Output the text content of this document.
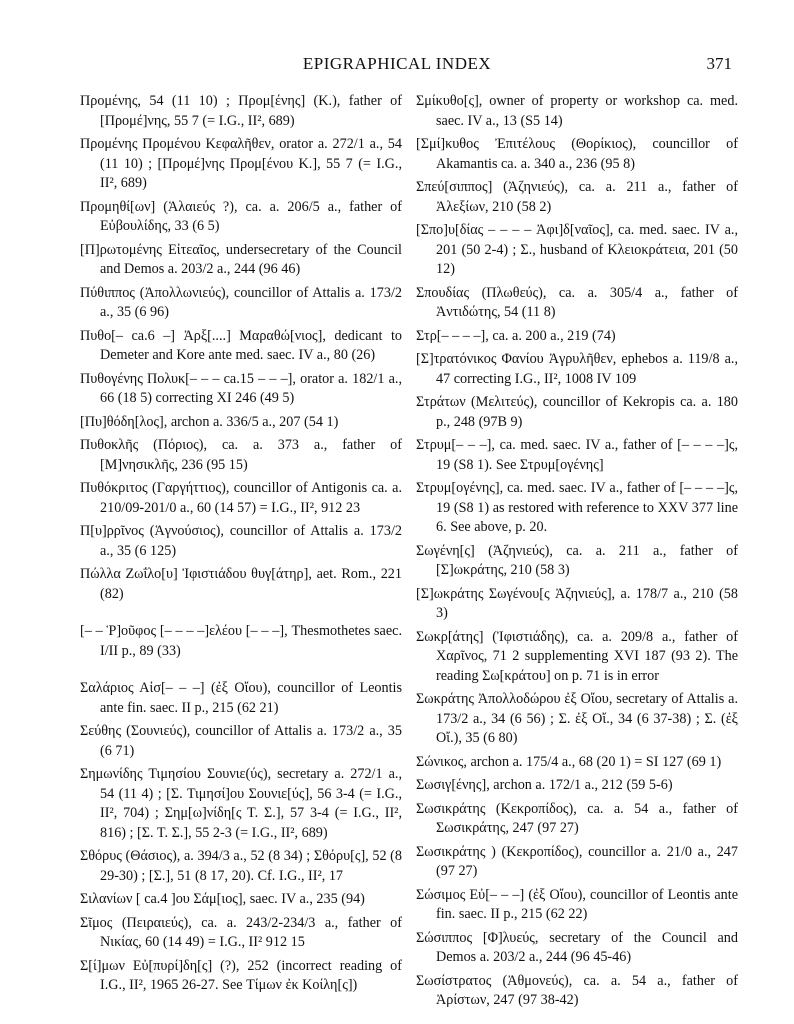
EPIGRAPHICAL INDEX	371
Προμένης, 54 (11 10) ; Προμ[ένης] (K.), father of [Προμέ]νης, 55 7 (= I.G., II², 689)
Προμένης Προμένου Κεφαλῆθεν, orator a. 272/1 a., 54 (11 10) ; [Προμέ]νης Προμ[ένου K.], 55 7 (= I.G., II², 689)
Προμηθί[ων] (Ἁλαιεύς ?), ca. a. 206/5 a., father of Εὐβουλίδης, 33 (6 5)
[Π]ρωτομένης Εἰτεαῖος, undersecretary of the Council and Demos a. 203/2 a., 244 (96 46)
Πύθιππος (Ἀπολλωνιεύς), councillor of Attalis a. 173/2 a., 35 (6 96)
Πυθο[– ca.6 –] Ἀρξ[....] Μαραθώ[νιος], dedicant to Demeter and Kore ante med. saec. IV a., 80 (26)
Πυθογένης Πολυκ[– – – ca.15 – – –], orator a. 182/1 a., 66 (18 5) correcting XI 246 (49 5)
[Πυ]θόδη[λος], archon a. 336/5 a., 207 (54 1)
Πυθοκλῆς (Πόριος), ca. a. 373 a., father of [Μ]νησικλῆς, 236 (95 15)
Πυθόκριτος (Γαργήττιος), councillor of Antigonis ca. a. 210/09-201/0 a., 60 (14 57) = I.G., II², 912 23
Π[υ]ρρῖνος (Ἁγνούσιος), councillor of Attalis a. 173/2 a., 35 (6 125)
Πώλλα Ζωΐλο[υ] Ἰφιστιάδου θυγ[άτηρ], aet. Rom., 221 (82)
[– – Ῥ]οῦφος [– – – –]ελέου [– – –], Thesmothetes saec. I/II p., 89 (33)
Σαλάριος Αἰσ[– – –] (ἐξ Οἴου), councillor of Leontis ante fin. saec. II p., 215 (62 21)
Σεύθης (Σουνιεύς), councillor of Attalis a. 173/2 a., 35 (6 71)
Σημωνίδης Τιμησίου Σουνιε(ύς), secretary a. 272/1 a., 54 (11 4) ; [Σ. Τιμησί]ου Σουνιε[ύς], 56 3-4 (= I.G., II², 704) ; Σημ[ω]νίδη[ς Τ. Σ.], 57 3-4 (= I.G., II², 816) ; [Σ. Τ. Σ.], 55 2-3 (= I.G., II², 689)
Σθόρυς (Θάσιος), a. 394/3 a., 52 (8 34) ; Σθόρυ[ς], 52 (8 29-30) ; [Σ.], 51 (8 17, 20). Cf. I.G., II², 17
Σιλανίων [ ca.4 ]ου Σάμ[ιος], saec. IV a., 235 (94)
Σῖμος (Πειραιεύς), ca. a. 243/2-234/3 a., father of Νικίας, 60 (14 49) = I.G., II² 912 15
Σ[ί]μων Εὐ[πυρί]δη[ς] (?), 252 (incorrect reading of I.G., II², 1965 26-27. See Τίμων ἐκ Κοίλη[ς])
Σμίκυθο[ς], owner of property or workshop ca. med. saec. IV a., 13 (S5 14)
[Σμί]κυθος Ἐπιτέλους (Θορίκιος), councillor of Akamantis ca. a. 340 a., 236 (95 8)
Σπεύ[σιππος] (Ἀζηνιεύς), ca. a. 211 a., father of Ἀλεξίων, 210 (58 2)
[Σπο]υ[δίας – – – – Ἀφι]δ[ναῖος], ca. med. saec. IV a., 201 (50 2-4) ; Σ., husband of Κλειοκράτεια, 201 (50 12)
Σπουδίας (Πλωθεύς), ca. a. 305/4 a., father of Ἀντιδώτης, 54 (11 8)
Στρ[– – – –], ca. a. 200 a., 219 (74)
[Σ]τρατόνικος Φανίου Ἀγρυλῆθεν, ephebos a. 119/8 a., 47 correcting I.G., II², 1008 IV 109
Στράτων (Μελιτεύς), councillor of Kekropis ca. a. 180 p., 248 (97B 9)
Στρυμ[– – –], ca. med. saec. IV a., father of [– – – –]ς, 19 (S8 1). See Στρυμ[ογένης]
Στρυμ[ογένης], ca. med. saec. IV a., father of [– – – –]ς, 19 (S8 1) as restored with reference to XXV 377 line 6. See above, p. 20.
Σωγένη[ς] (Ἀζηνιεύς), ca. a. 211 a., father of [Σ]ωκράτης, 210 (58 3)
[Σ]ωκράτης Σωγένου[ς Ἀζηνιεύς], a. 178/7 a., 210 (58 3)
Σωκρ[άτης] (Ἰφιστιάδης), ca. a. 209/8 a., father of Χαρῖνος, 71 2 supplementing XVI 187 (93 2). The reading Σω[κράτου] on p. 71 is in error
Σωκράτης Ἀπολλοδώρου ἐξ Οἴου, secretary of Attalis a. 173/2 a., 34 (6 56) ; Σ. ἐξ Οἴ., 34 (6 37-38) ; Σ. (ἐξ Οἴ.), 35 (6 80)
Σώνικος, archon a. 175/4 a., 68 (20 1) = SI 127 (69 1)
Σωσιγ[ένης], archon a. 172/1 a., 212 (59 5-6)
Σωσικράτης (Κεκροπίδος), ca. a. 54 a., father of Σωσικράτης, 247 (97 27)
Σωσικράτης ) (Κεκροπίδος), councillor a. 21/0 a., 247 (97 27)
Σώσιμος Εὐ[– – –] (ἐξ Οἴου), councillor of Leontis ante fin. saec. II p., 215 (62 22)
Σώσιππος [Φ]λυεύς, secretary of the Council and Demos a. 203/2 a., 244 (96 45-46)
Σωσίστρατος (Ἀθμονεύς), ca. a. 54 a., father of Ἀρίστων, 247 (97 38-42)
